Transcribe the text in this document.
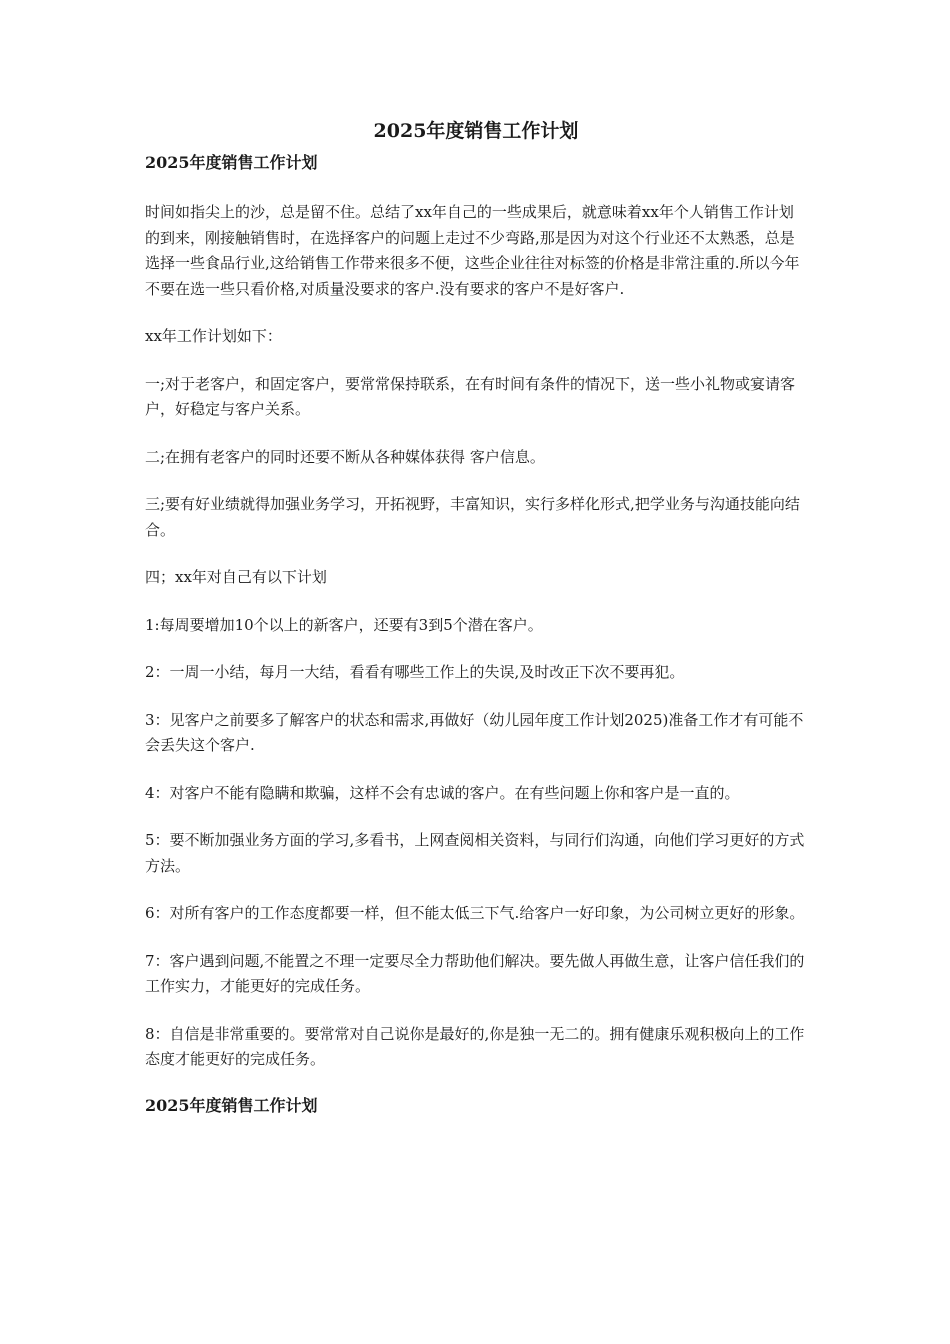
2025年度销售工作计划
2025年度销售工作计划

时间如指尖上的沙，总是留不住。总结了xx年自己的一些成果后，就意味着xx年个人销售工作计划的到来，刚接触销售时，在选择客户的问题上走过不少弯路,那是因为对这个行业还不太熟悉，总是选择一些食品行业,这给销售工作带来很多不便，这些企业往往对标签的价格是非常注重的.所以今年不要在选一些只看价格,对质量没要求的客户.没有要求的客户不是好客户.

xx年工作计划如下：

一;对于老客户，和固定客户，要常常保持联系，在有时间有条件的情况下，送一些小礼物或宴请客户，好稳定与客户关系。

二;在拥有老客户的同时还要不断从各种媒体获得 客户信息。

三;要有好业绩就得加强业务学习，开拓视野，丰富知识，实行多样化形式,把学业务与沟通技能向结合。

四；xx年对自己有以下计划

1:每周要增加10个以上的新客户，还要有3到5个潜在客户。

2：一周一小结，每月一大结，看看有哪些工作上的失误,及时改正下次不要再犯。

3：见客户之前要多了解客户的状态和需求,再做好（幼儿园年度工作计划2025)准备工作才有可能不会丢失这个客户.

4：对客户不能有隐瞒和欺骗，这样不会有忠诚的客户。在有些问题上你和客户是一直的。

5：要不断加强业务方面的学习,多看书，上网查阅相关资料，与同行们沟通，向他们学习更好的方式方法。

6：对所有客户的工作态度都要一样，但不能太低三下气.给客户一好印象，为公司树立更好的形象。

7：客户遇到问题,不能置之不理一定要尽全力帮助他们解决。要先做人再做生意，让客户信任我们的工作实力，才能更好的完成任务。

8：自信是非常重要的。要常常对自己说你是最好的,你是独一无二的。拥有健康乐观积极向上的工作态度才能更好的完成任务。

2025年度销售工作计划
